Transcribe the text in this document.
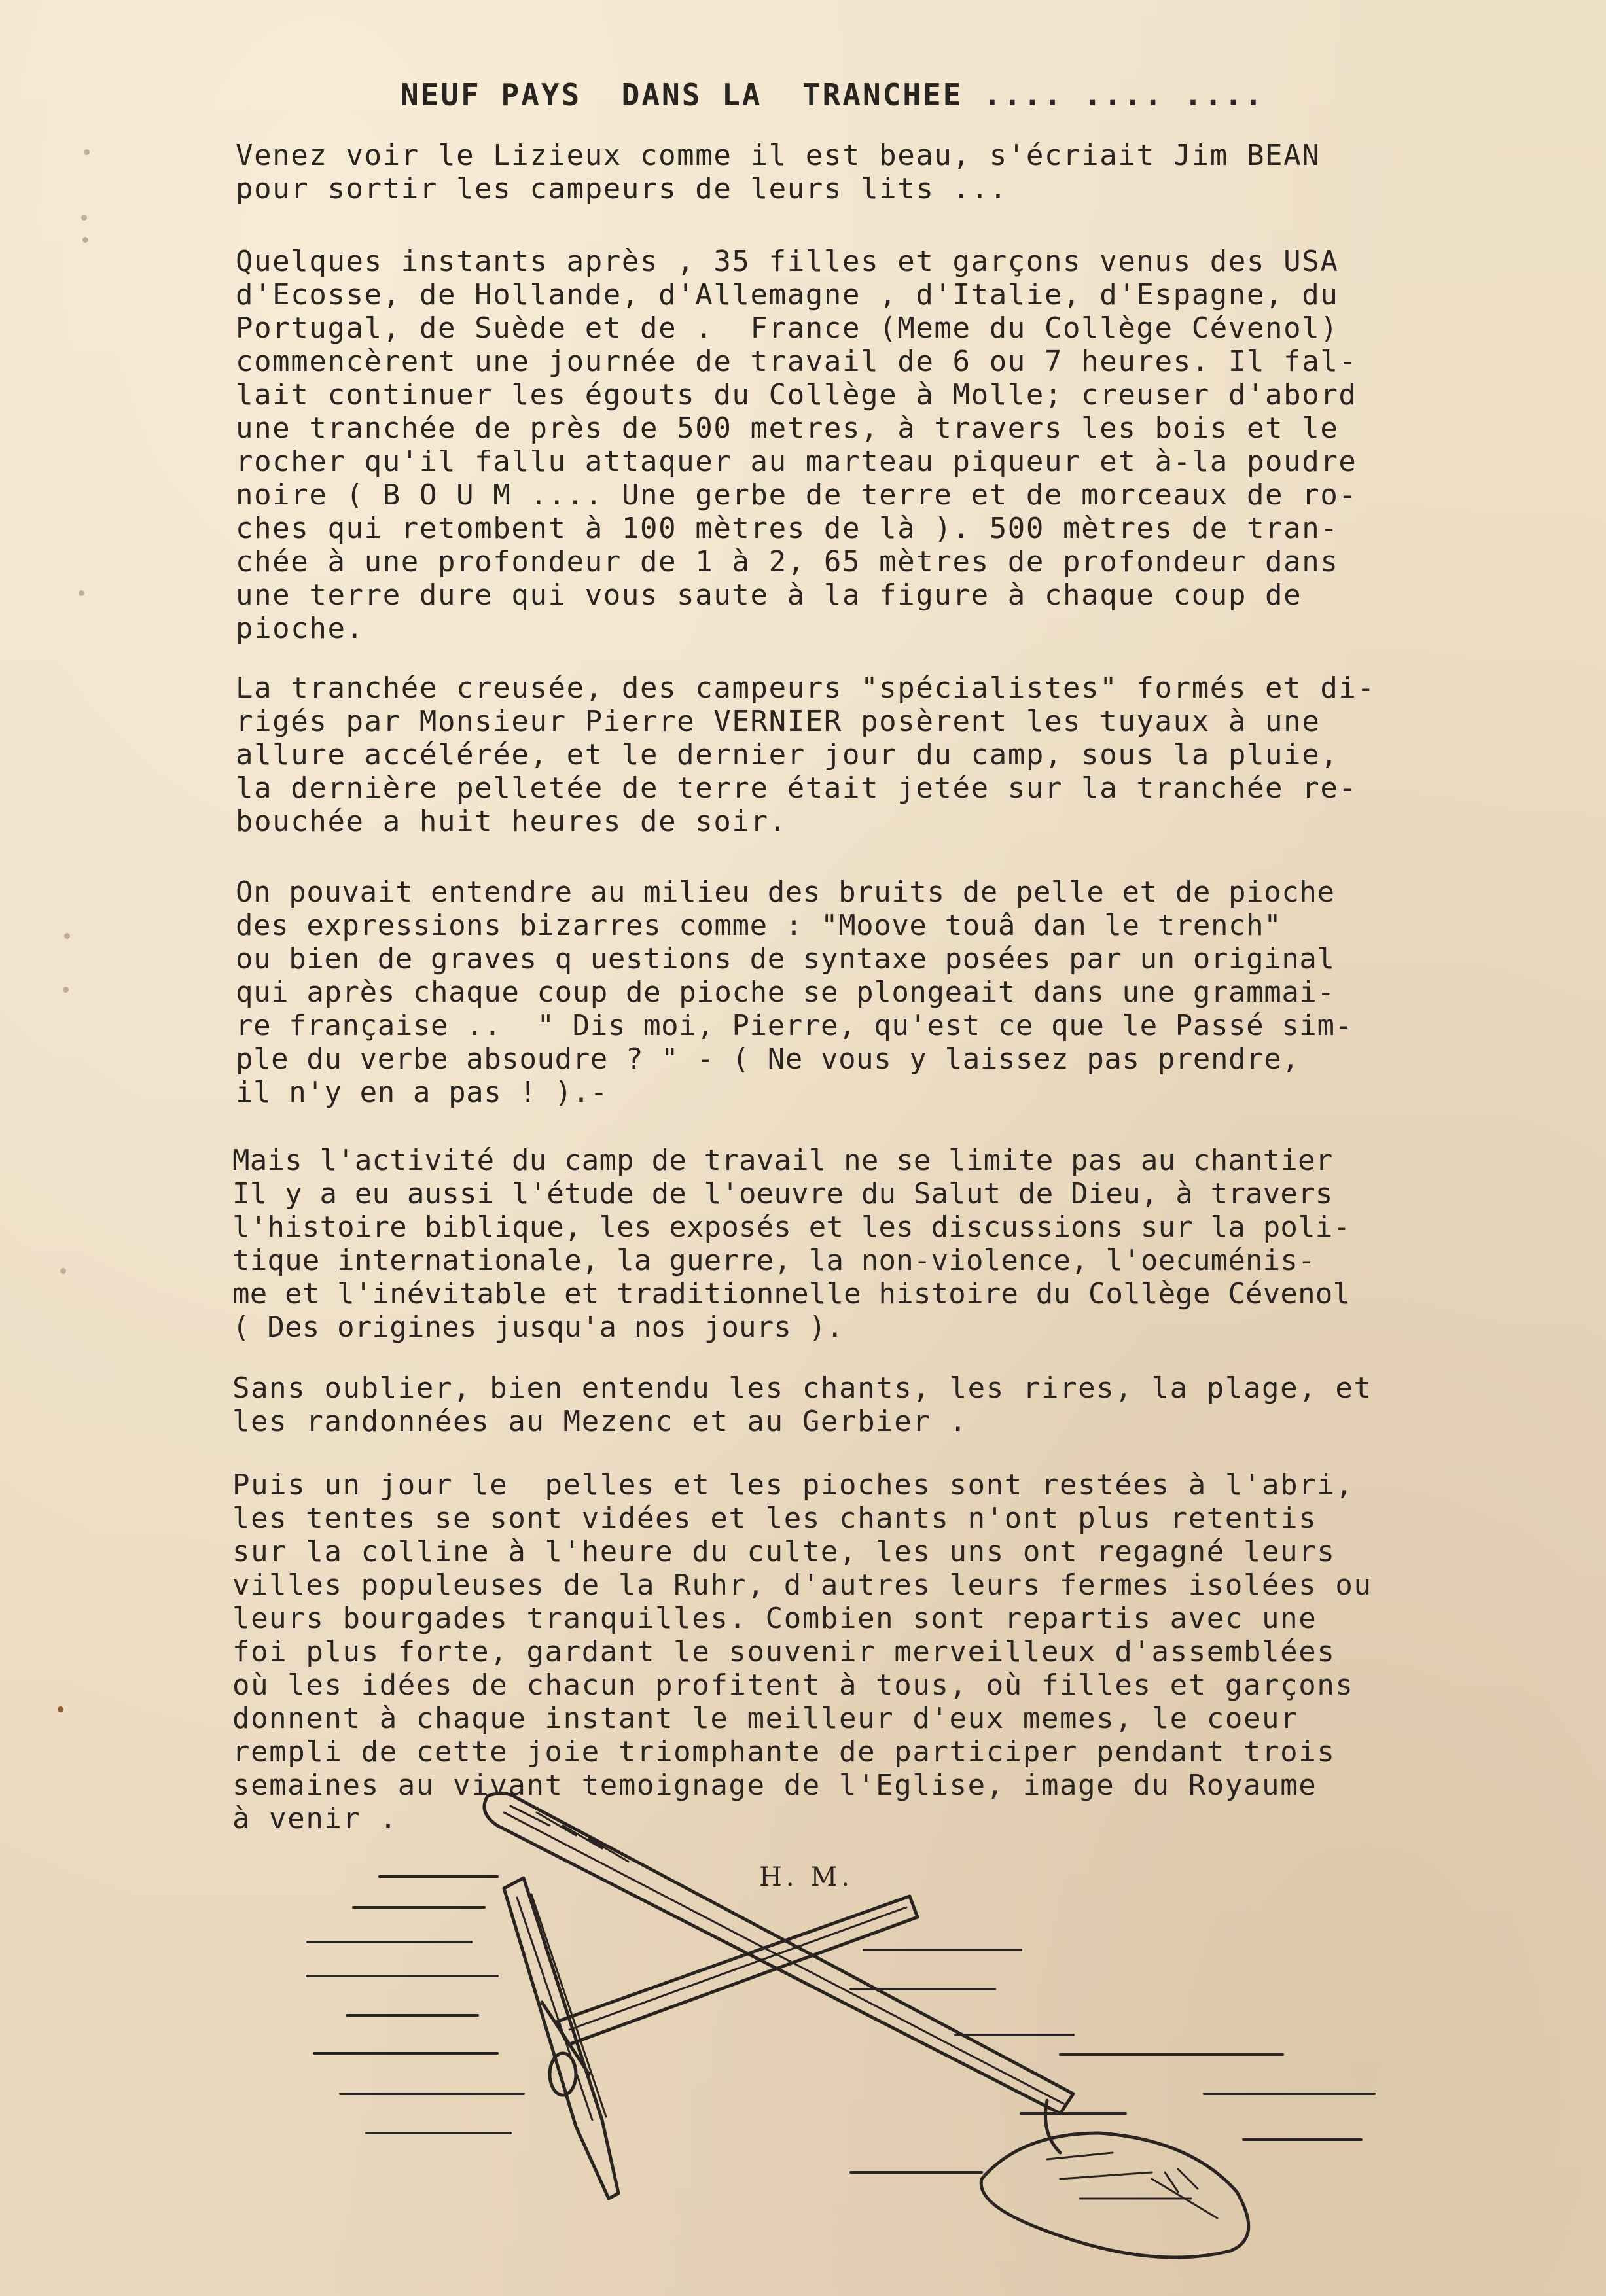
NEUF PAYS  DANS LA  TRANCHEE .... .... ....
Venez voir le Lizieux comme il est beau, s'écriait Jim BEAN
pour sortir les campeurs de leurs lits ...
Quelques instants après , 35 filles et garçons venus des USA
d'Ecosse, de Hollande, d'Allemagne , d'Italie, d'Espagne, du
Portugal, de Suède et de .  France (Meme du Collège Cévenol)
commencèrent une journée de travail de 6 ou 7 heures. Il fal-
lait continuer les égouts du Collège à Molle; creuser d'abord
une tranchée de près de 500 metres, à travers les bois et le
rocher qu'il fallu attaquer au marteau piqueur et à-la poudre
noire ( B O U M .... Une gerbe de terre et de morceaux de ro-
ches qui retombent à 100 mètres de là ). 500 mètres de tran-
chée à une profondeur de 1 à 2, 65 mètres de profondeur dans
une terre dure qui vous saute à la figure à chaque coup de
pioche.
La tranchée creusée, des campeurs "spécialistes" formés et di-
rigés par Monsieur Pierre VERNIER posèrent les tuyaux à une
allure accélérée, et le dernier jour du camp, sous la pluie,
la dernière pelletée de terre était jetée sur la tranchée re-
bouchée a huit heures de soir.
On pouvait entendre au milieu des bruits de pelle et de pioche
des expressions bizarres comme : "Moove touâ dan le trench"
ou bien de graves q uestions de syntaxe posées par un original
qui après chaque coup de pioche se plongeait dans une grammai-
re française ..  " Dis moi, Pierre, qu'est ce que le Passé sim-
ple du verbe absoudre ? " - ( Ne vous y laissez pas prendre,
il n'y en a pas ! ).-
Mais l'activité du camp de travail ne se limite pas au chantier
Il y a eu aussi l'étude de l'oeuvre du Salut de Dieu, à travers
l'histoire biblique, les exposés et les discussions sur la poli-
tique internationale, la guerre, la non-violence, l'oecuménis-
me et l'inévitable et traditionnelle histoire du Collège Cévenol
( Des origines jusqu'a nos jours ).
Sans oublier, bien entendu les chants, les rires, la plage, et
les randonnées au Mezenc et au Gerbier .
Puis un jour le  pelles et les pioches sont restées à l'abri,
les tentes se sont vidées et les chants n'ont plus retentis
sur la colline à l'heure du culte, les uns ont regagné leurs
villes populeuses de la Ruhr, d'autres leurs fermes isolées ou
leurs bourgades tranquilles. Combien sont repartis avec une
foi plus forte, gardant le souvenir merveilleux d'assemblées
où les idées de chacun profitent à tous, où filles et garçons
donnent à chaque instant le meilleur d'eux memes, le coeur
rempli de cette joie triomphante de participer pendant trois
semaines au vivant temoignage de l'Eglise, image du Royaume
à venir .
H. M.
